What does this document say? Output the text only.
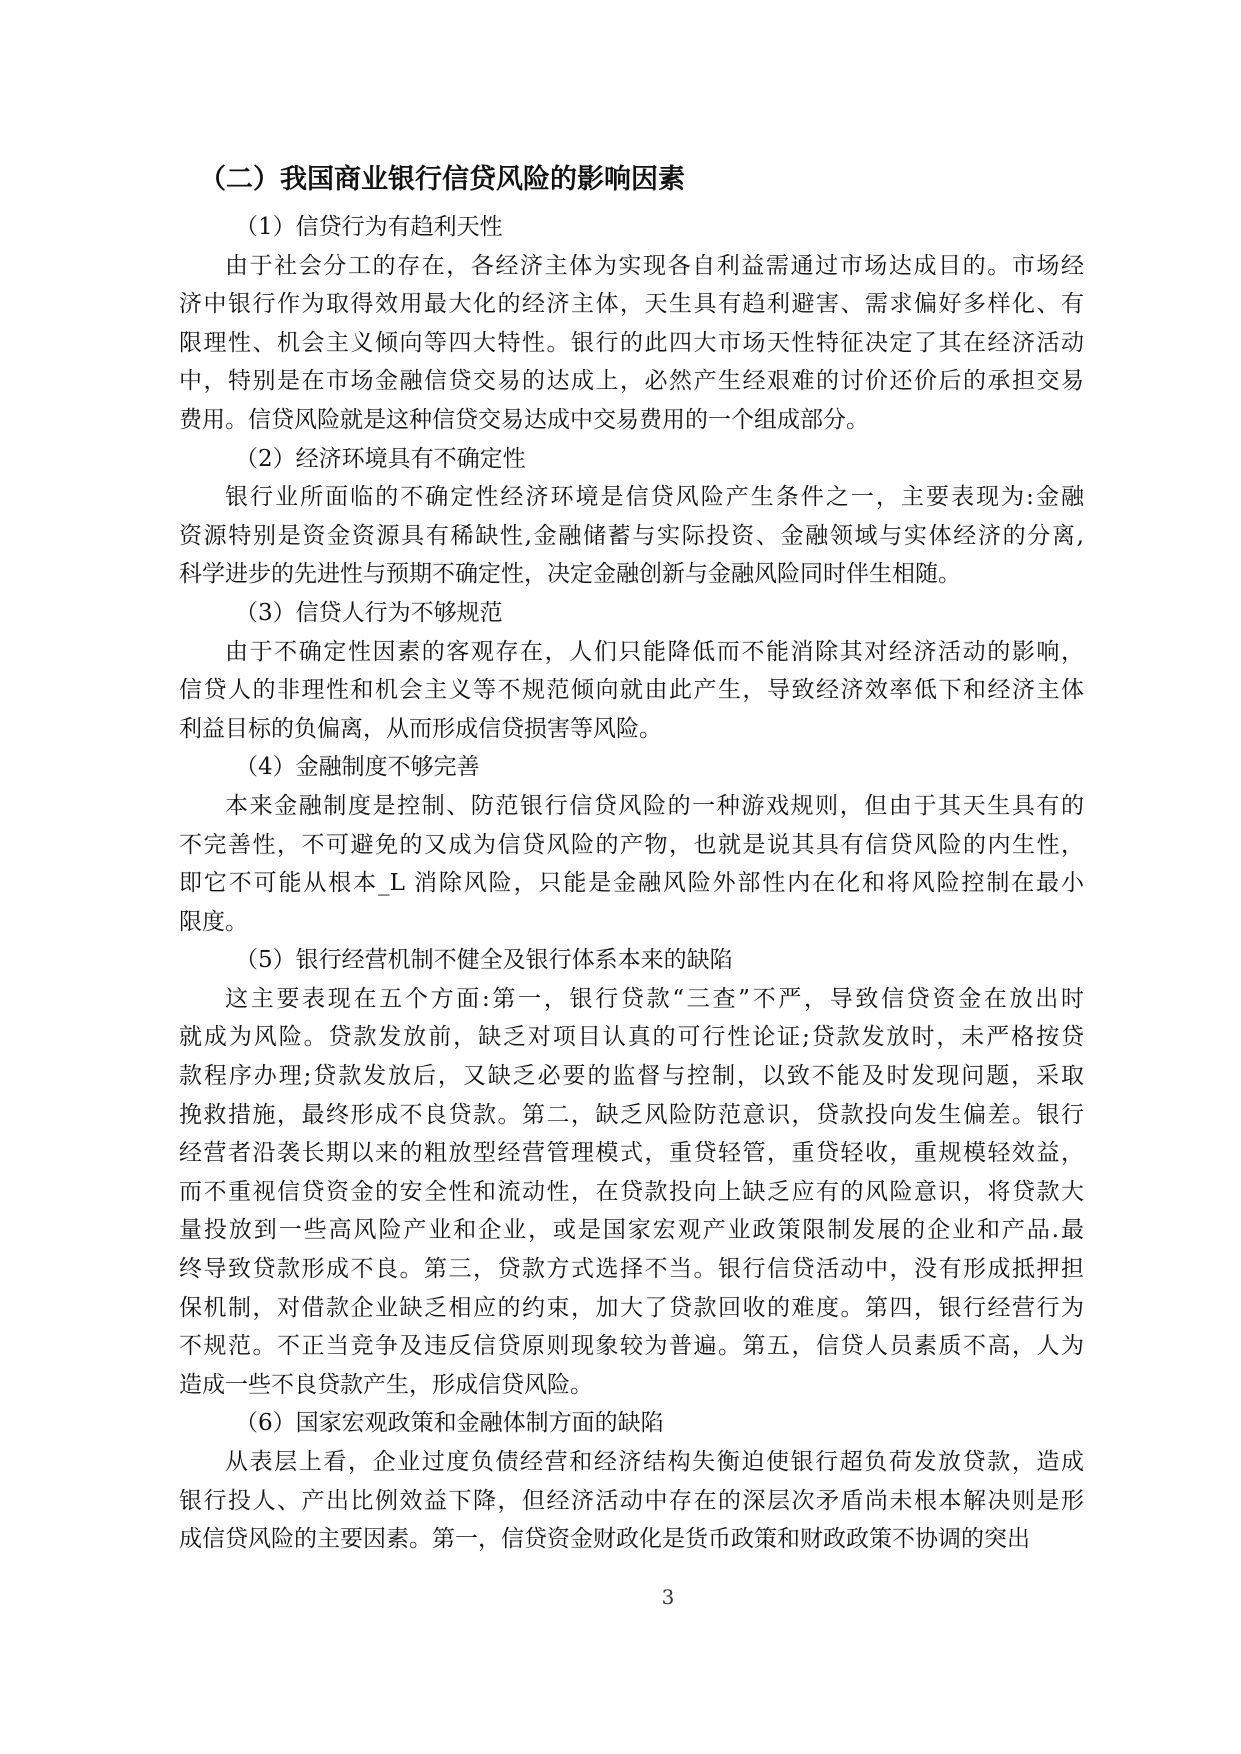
（二）我国商业银行信贷风险的影响因素

（1）信贷行为有趋利天性

由于社会分工的存在，各经济主体为实现各自利益需通过市场达成目的。市场经
济中银行作为取得效用最大化的经济主体，天生具有趋利避害、需求偏好多样化、有
限理性、机会主义倾向等四大特性。银行的此四大市场天性特征决定了其在经济活动
中，特别是在市场金融信贷交易的达成上，必然产生经艰难的讨价还价后的承担交易
费用。信贷风险就是这种信贷交易达成中交易费用的一个组成部分。

（2）经济环境具有不确定性

银行业所面临的不确定性经济环境是信贷风险产生条件之一，主要表现为:金融
资源特别是资金资源具有稀缺性,金融储蓄与实际投资、金融领域与实体经济的分离,
科学进步的先进性与预期不确定性，决定金融创新与金融风险同时伴生相随。

（3）信贷人行为不够规范

由于不确定性因素的客观存在，人们只能降低而不能消除其对经济活动的影响，
信贷人的非理性和机会主义等不规范倾向就由此产生，导致经济效率低下和经济主体
利益目标的负偏离，从而形成信贷损害等风险。

（4）金融制度不够完善

本来金融制度是控制、防范银行信贷风险的一种游戏规则，但由于其天生具有的
不完善性，不可避免的又成为信贷风险的产物，也就是说其具有信贷风险的内生性，
即它不可能从根本_L 消除风险，只能是金融风险外部性内在化和将风险控制在最小
限度。

（5）银行经营机制不健全及银行体系本来的缺陷

这主要表现在五个方面:第一，银行贷款“三查”不严，导致信贷资金在放出时
就成为风险。贷款发放前，缺乏对项目认真的可行性论证;贷款发放时，未严格按贷
款程序办理;贷款发放后，又缺乏必要的监督与控制，以致不能及时发现问题，采取
挽救措施，最终形成不良贷款。第二，缺乏风险防范意识，贷款投向发生偏差。银行
经营者沿袭长期以来的粗放型经营管理模式，重贷轻管，重贷轻收，重规模轻效益，
而不重视信贷资金的安全性和流动性，在贷款投向上缺乏应有的风险意识，将贷款大
量投放到一些高风险产业和企业，或是国家宏观产业政策限制发展的企业和产品.最
终导致贷款形成不良。第三，贷款方式选择不当。银行信贷活动中，没有形成抵押担
保机制，对借款企业缺乏相应的约束，加大了贷款回收的难度。第四，银行经营行为
不规范。不正当竞争及违反信贷原则现象较为普遍。第五，信贷人员素质不高，人为
造成一些不良贷款产生，形成信贷风险。

（6）国家宏观政策和金融体制方面的缺陷

从表层上看，企业过度负债经营和经济结构失衡迫使银行超负荷发放贷款，造成
银行投人、产出比例效益下降，但经济活动中存在的深层次矛盾尚未根本解决则是形
成信贷风险的主要因素。第一，信贷资金财政化是货币政策和财政政策不协调的突出
3
